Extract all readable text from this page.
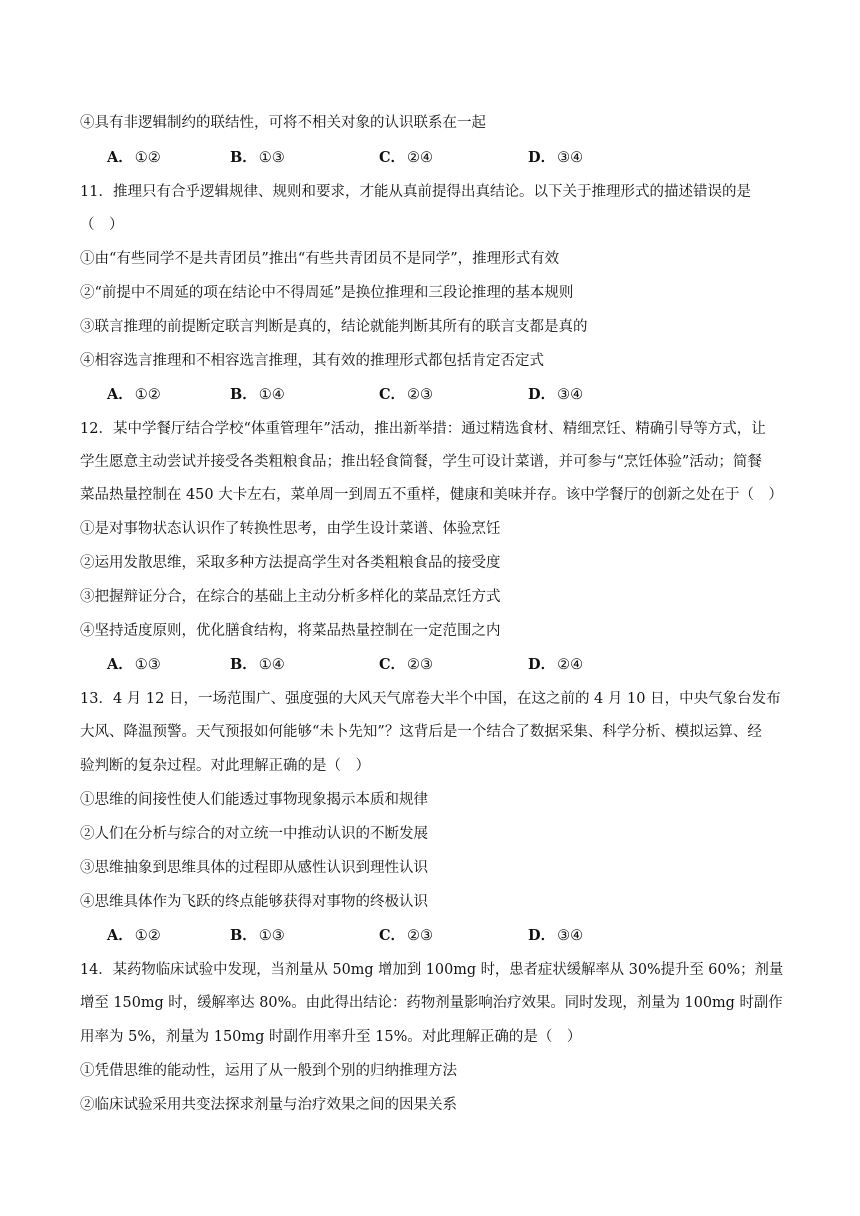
④具有非逻辑制约的联结性，可将不相关对象的认识联系在一起
A． ①②	B． ①③	C． ②④	D． ③④
11．推理只有合乎逻辑规律、规则和要求，才能从真前提得出真结论。以下关于推理形式的描述错误的是
（　）
①由“有些同学不是共青团员”推出“有些共青团员不是同学”，推理形式有效
②“前提中不周延的项在结论中不得周延”是换位推理和三段论推理的基本规则
③联言推理的前提断定联言判断是真的，结论就能判断其所有的联言支都是真的
④相容选言推理和不相容选言推理，其有效的推理形式都包括肯定否定式
A． ①②	B． ①④	C． ②③	D． ③④
12．某中学餐厅结合学校“体重管理年”活动，推出新举措：通过精选食材、精细烹饪、精确引导等方式，让
学生愿意主动尝试并接受各类粗粮食品；推出轻食简餐，学生可设计菜谱，并可参与“烹饪体验”活动；简餐
菜品热量控制在 450 大卡左右，菜单周一到周五不重样，健康和美味并存。该中学餐厅的创新之处在于（　）
①是对事物状态认识作了转换性思考，由学生设计菜谱、体验烹饪
②运用发散思维，采取多种方法提高学生对各类粗粮食品的接受度
③把握辩证分合，在综合的基础上主动分析多样化的菜品烹饪方式
④坚持适度原则，优化膳食结构，将菜品热量控制在一定范围之内
A． ①③	B． ①④	C． ②③	D． ②④
13．4 月 12 日，一场范围广、强度强的大风天气席卷大半个中国，在这之前的 4 月 10 日，中央气象台发布
大风、降温预警。天气预报如何能够“未卜先知”？这背后是一个结合了数据采集、科学分析、模拟运算、经
验判断的复杂过程。对此理解正确的是（　）
①思维的间接性使人们能透过事物现象揭示本质和规律
②人们在分析与综合的对立统一中推动认识的不断发展
③思维抽象到思维具体的过程即从感性认识到理性认识
④思维具体作为飞跃的终点能够获得对事物的终极认识
A． ①②	B． ①③	C． ②③	D． ③④
14．某药物临床试验中发现，当剂量从 50mg 增加到 100mg 时，患者症状缓解率从 30%提升至 60%；剂量
增至 150mg 时，缓解率达 80%。由此得出结论：药物剂量影响治疗效果。同时发现，剂量为 100mg 时副作
用率为 5%，剂量为 150mg 时副作用率升至 15%。对此理解正确的是（　）
①凭借思维的能动性，运用了从一般到个别的归纳推理方法
②临床试验采用共变法探求剂量与治疗效果之间的因果关系
